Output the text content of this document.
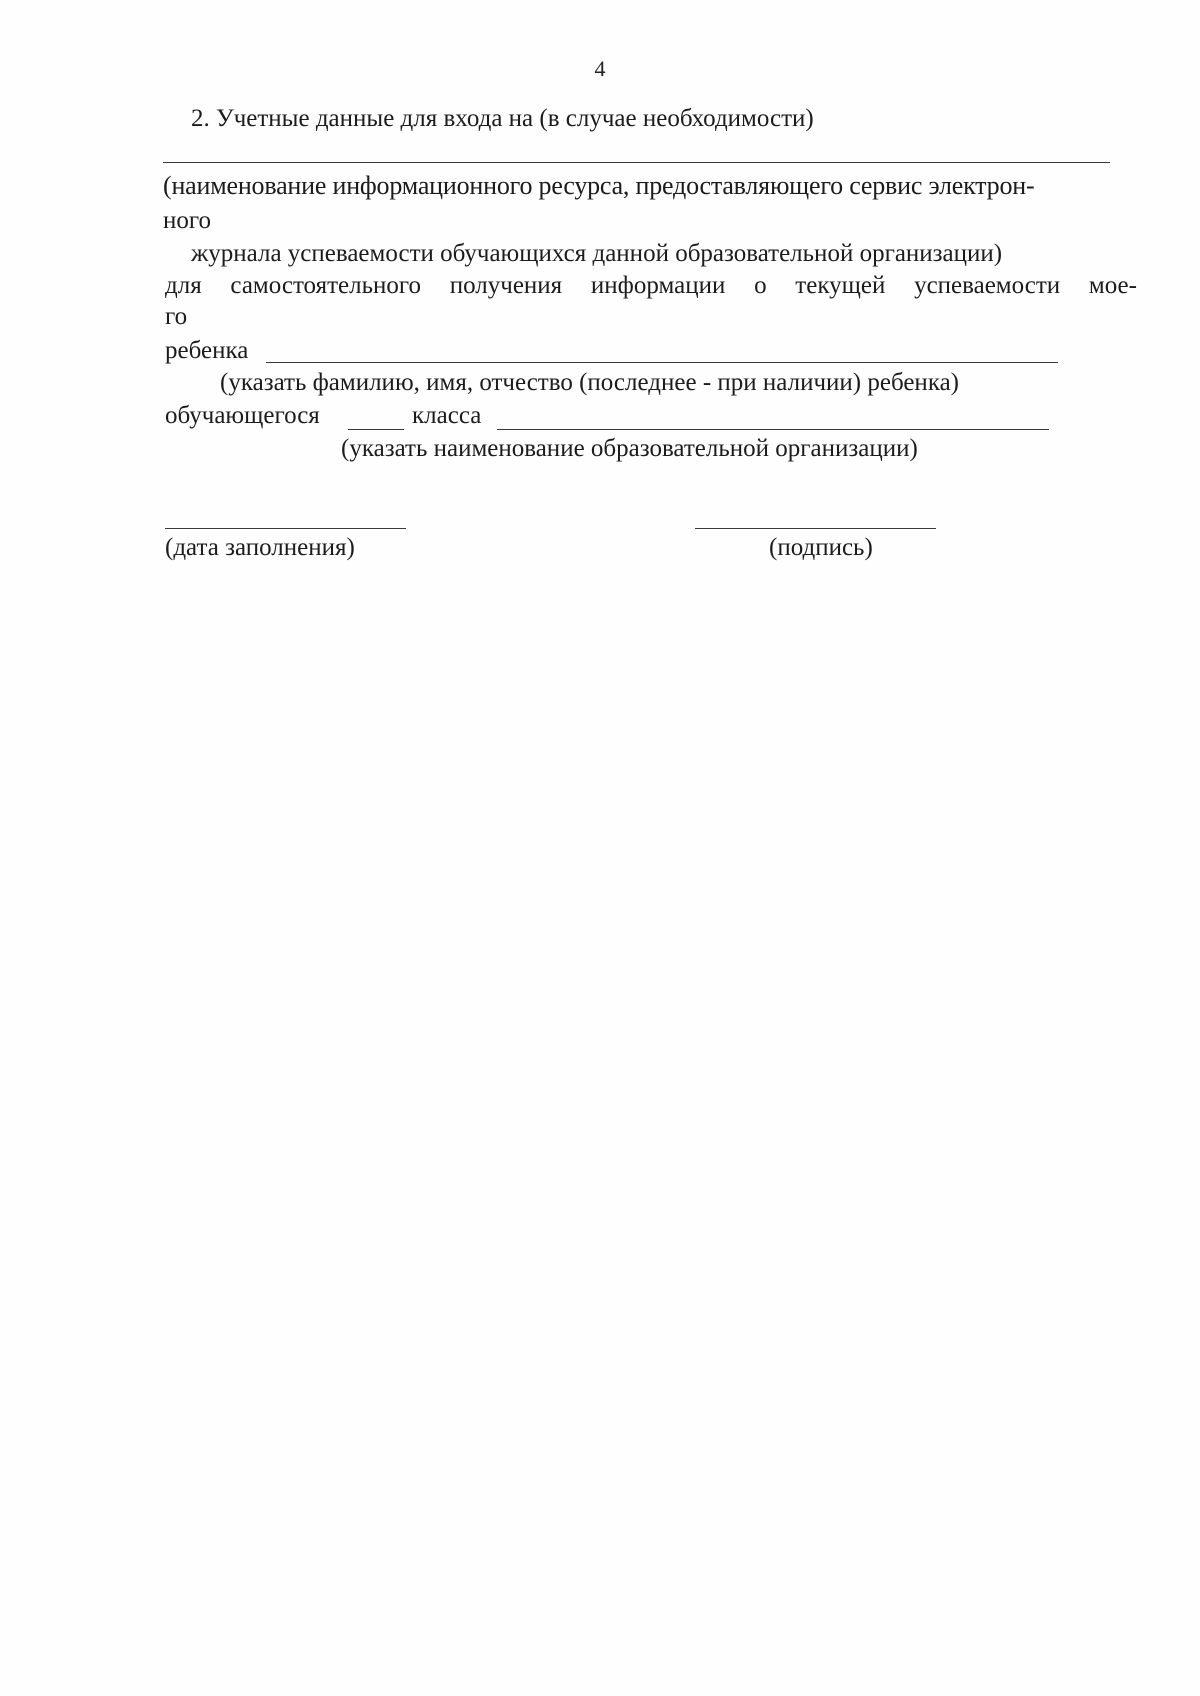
4
2. Учетные данные для входа на (в случае необходимости)
(наименование информационного ресурса, предоставляющего сервис электрон-
ного
журнала успеваемости обучающихся данной образовательной организации)
для самостоятельного получения информации о текущей успеваемости мое-
го
ребенка
(указать фамилию, имя, отчество (последнее - при наличии) ребенка)
обучающегося	класса
(указать наименование образовательной организации)
(дата заполнения)	(подпись)
